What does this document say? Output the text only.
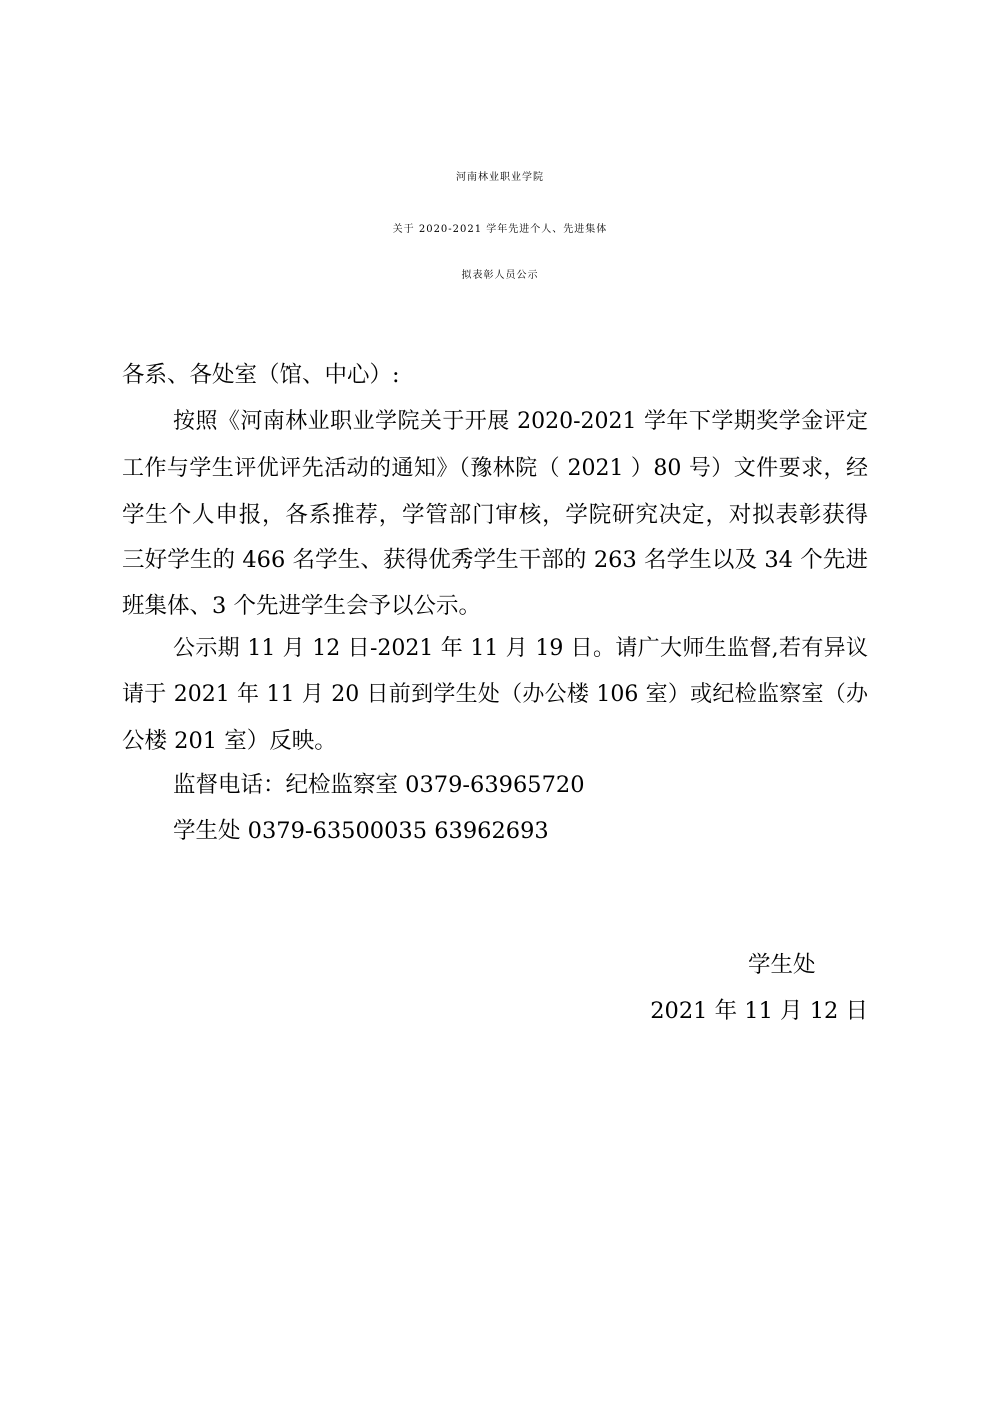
河南林业职业学院
关于 2020-2021 学年先进个人、先进集体
拟表彰人员公示
各系、各处室（馆、中心）:
按照《河南林业职业学院关于开展 2020-2021 学年下学期奖学金评定
工作与学生评优评先活动的通知》（豫林院（ 2021 ）80 号）文件要求，经
学生个人申报，各系推荐，学管部门审核，学院研究决定，对拟表彰获得
三好学生的 466 名学生、获得优秀学生干部的 263 名学生以及 34 个先进
班集体、3 个先进学生会予以公示。
公示期 11 月 12 日-2021 年 11 月 19 日。请广大师生监督,若有异议
请于 2021 年 11 月 20 日前到学生处（办公楼 106 室）或纪检监察室（办
公楼 201 室）反映。
监督电话：纪检监察室 0379-63965720
学生处 0379-63500035 63962693
学生处
2021 年 11 月 12 日
